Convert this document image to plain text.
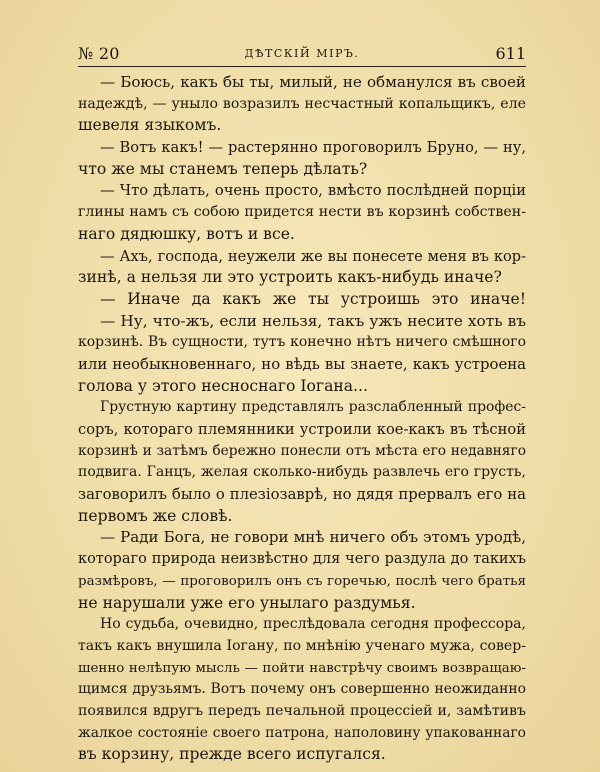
№ 20	ДѢТСКІЙ МІРЪ.	611
— Боюсь, какъ бы ты, милый, не обманулся въ своей
надеждѣ, — уныло возразилъ несчастный копальщикъ, еле
шевеля языкомъ.
— Вотъ какъ! — растерянно проговорилъ Бруно, — ну,
что же мы станемъ теперь дѣлать?
— Что дѣлать, очень просто, вмѣсто послѣдней порціи
глины намъ съ собою придется нести въ корзинѣ собствен-
наго дядюшку, вотъ и все.
— Ахъ, господа, неужели же вы понесете меня въ кор-
зинѣ, а нельзя ли это устроить какъ-нибудь иначе?
— Иначе да какъ же ты устроишь это иначе!
— Ну, что-жъ, если нельзя, такъ ужъ несите хоть въ
корзинѣ. Въ сущности, тутъ конечно нѣтъ ничего смѣшного
или необыкновеннаго, но вѣдь вы знаете, какъ устроена
голова у этого несноснаго Іогана...
Грустную картину представлялъ разслабленный профес-
соръ, котораго племянники устроили кое-какъ въ тѣсной
корзинѣ и затѣмъ бережно понесли отъ мѣста его недавняго
подвига. Ганцъ, желая сколько-нибудь развлечь его грусть,
заговорилъ было о плезіозаврѣ, но дядя прервалъ его на
первомъ же словѣ.
— Ради Бога, не говори мнѣ ничего объ этомъ уродѣ,
котораго природа неизвѣстно для чего раздула до такихъ
размѣровъ, — проговорилъ онъ съ горечью, послѣ чего братья
не нарушали уже его унылаго раздумья.
Но судьба, очевидно, преслѣдовала сегодня профессора,
такъ какъ внушила Іогану, по мнѣнію ученаго мужа, совер-
шенно нелѣпую мысль — пойти навстрѣчу своимъ возвращаю-
щимся друзьямъ. Вотъ почему онъ совершенно неожиданно
появился вдругъ передъ печальной процессіей и, замѣтивъ
жалкое состояніе своего патрона, наполовину упакованнаго
въ корзину, прежде всего испугался.
